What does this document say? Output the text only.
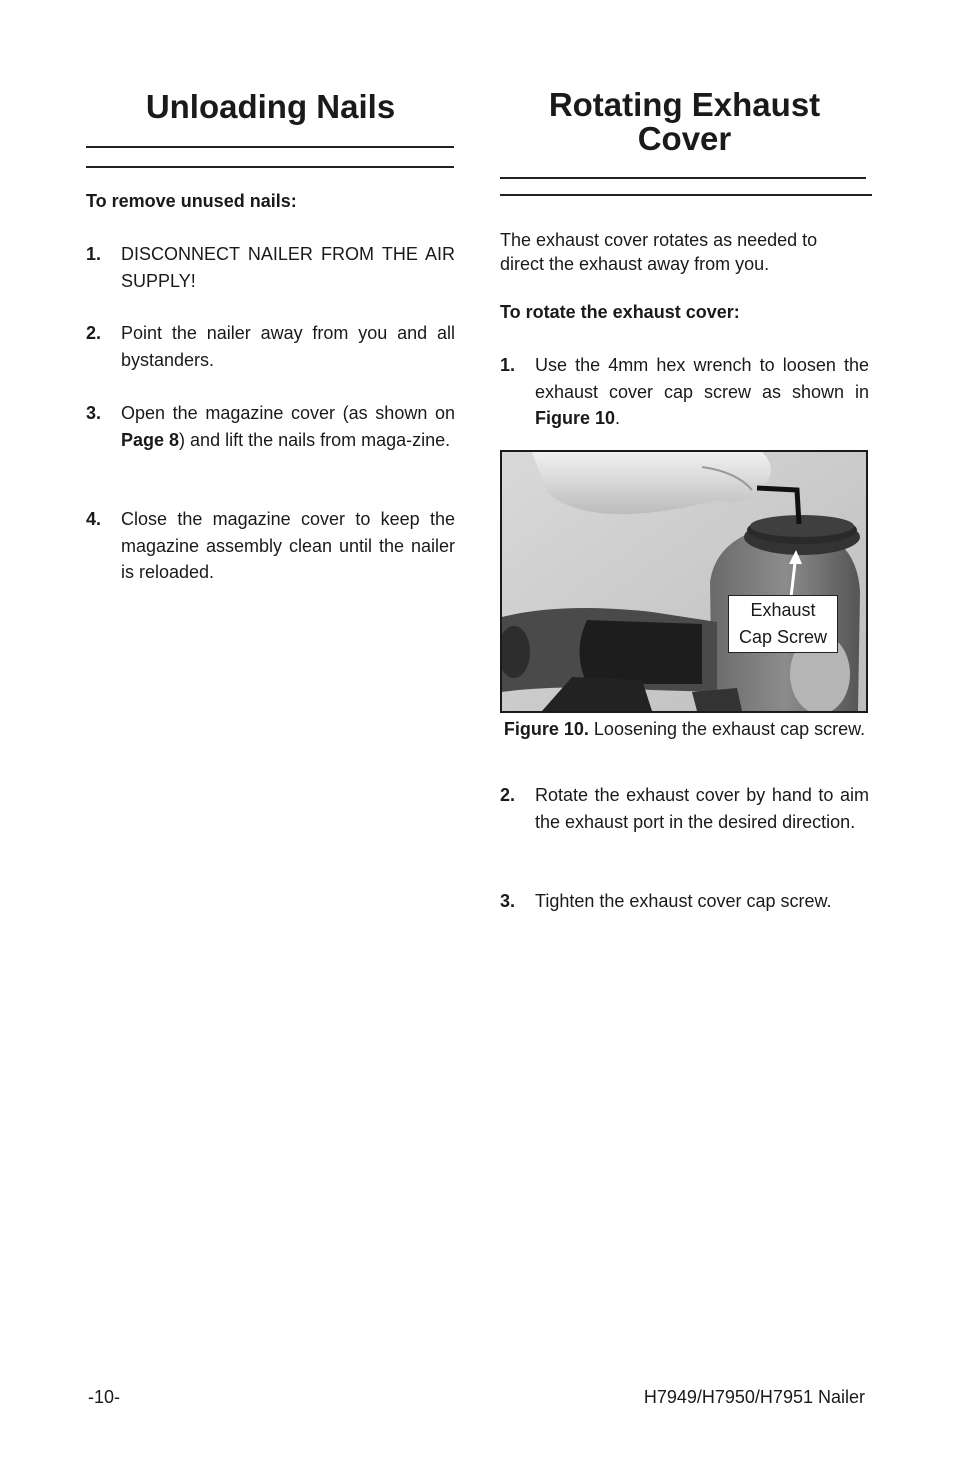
Unloading Nails

To remove unused nails:

1. DISCONNECT NAILER FROM THE AIR SUPPLY!
2. Point the nailer away from you and all bystanders.
3. Open the magazine cover (as shown on Page 8) and lift the nails from maga-zine.
4. Close the magazine cover to keep the magazine assembly clean until the nailer is reloaded.
Rotating Exhaust
Cover

The exhaust cover rotates as needed to direct the exhaust away from you.

To rotate the exhaust cover:

1. Use the 4mm hex wrench to loosen the exhaust cover cap screw as shown in Figure 10.
Exhaust
Cap Screw
Figure 10. Loosening the exhaust cap screw.
2. Rotate the exhaust cover by hand to aim the exhaust port in the desired direction.
3. Tighten the exhaust cover cap screw.
-10-	H7949/H7950/H7951 Nailer
